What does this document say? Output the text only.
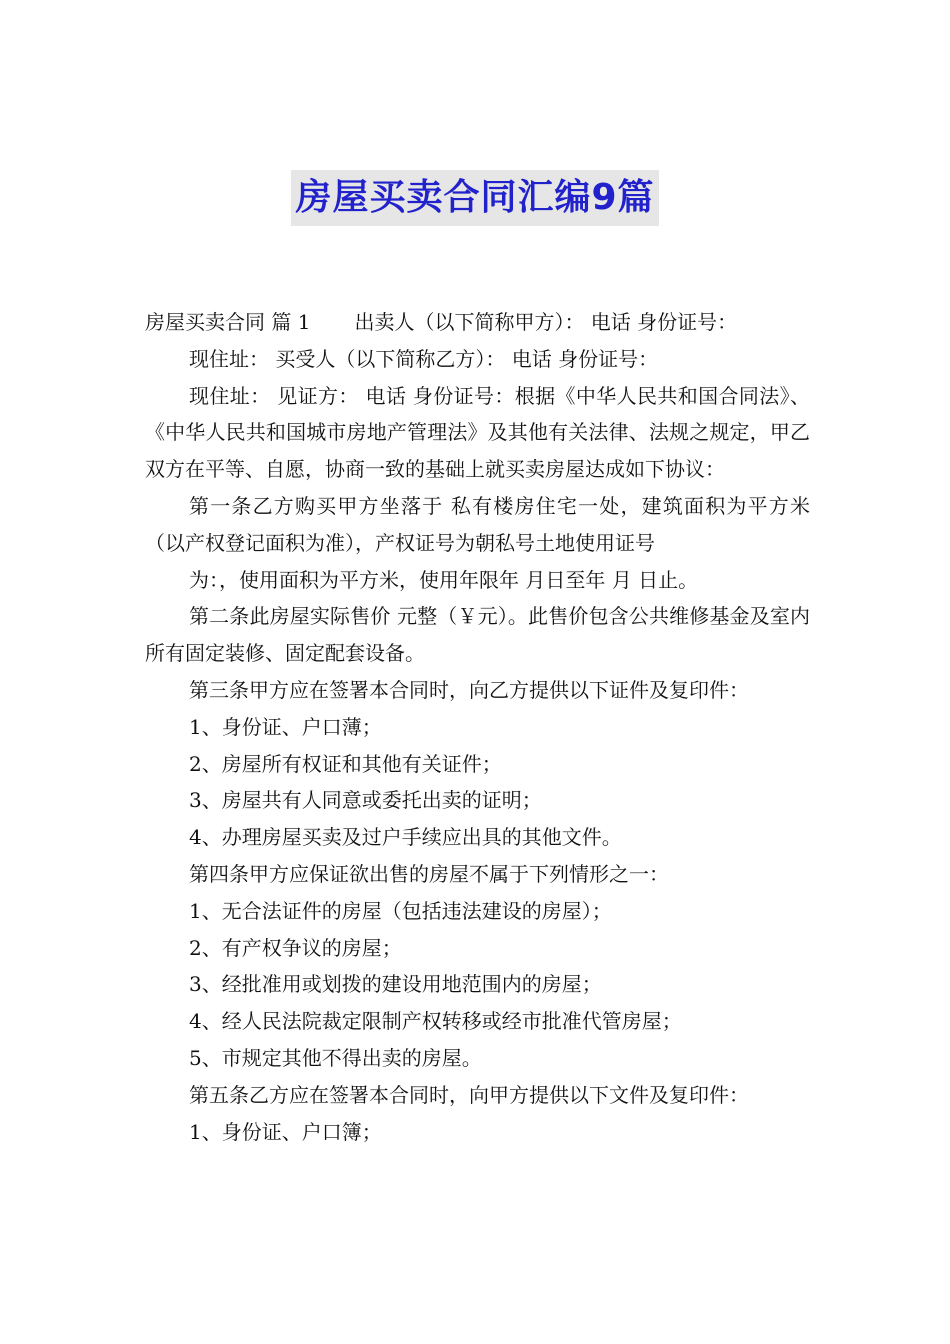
房屋买卖合同汇编9篇

房屋买卖合同 篇 1 出卖人（以下简称甲方）： 电话 身份证号：

现住址： 买受人（以下简称乙方）： 电话 身份证号：

现住址： 见证方： 电话 身份证号：根据《中华人民共和国合同法》、《中华人民共和国城市房地产管理法》及其他有关法律、法规之规定，甲乙双方在平等、自愿，协商一致的基础上就买卖房屋达成如下协议：

第一条乙方购买甲方坐落于 私有楼房住宅一处，建筑面积为平方米（以产权登记面积为准），产权证号为朝私号土地使用证号

为：，使用面积为平方米，使用年限年 月日至年 月 日止。

第二条此房屋实际售价 元整（￥元）。此售价包含公共维修基金及室内所有固定装修、固定配套设备。

第三条甲方应在签署本合同时，向乙方提供以下证件及复印件：

1、身份证、户口薄；

2、房屋所有权证和其他有关证件；

3、房屋共有人同意或委托出卖的证明；

4、办理房屋买卖及过户手续应出具的其他文件。

第四条甲方应保证欲出售的房屋不属于下列情形之一：

1、无合法证件的房屋（包括违法建设的房屋）；

2、有产权争议的房屋；

3、经批准用或划拨的建设用地范围内的房屋；

4、经人民法院裁定限制产权转移或经市批准代管房屋；

5、市规定其他不得出卖的房屋。

第五条乙方应在签署本合同时，向甲方提供以下文件及复印件：

1、身份证、户口簿；
